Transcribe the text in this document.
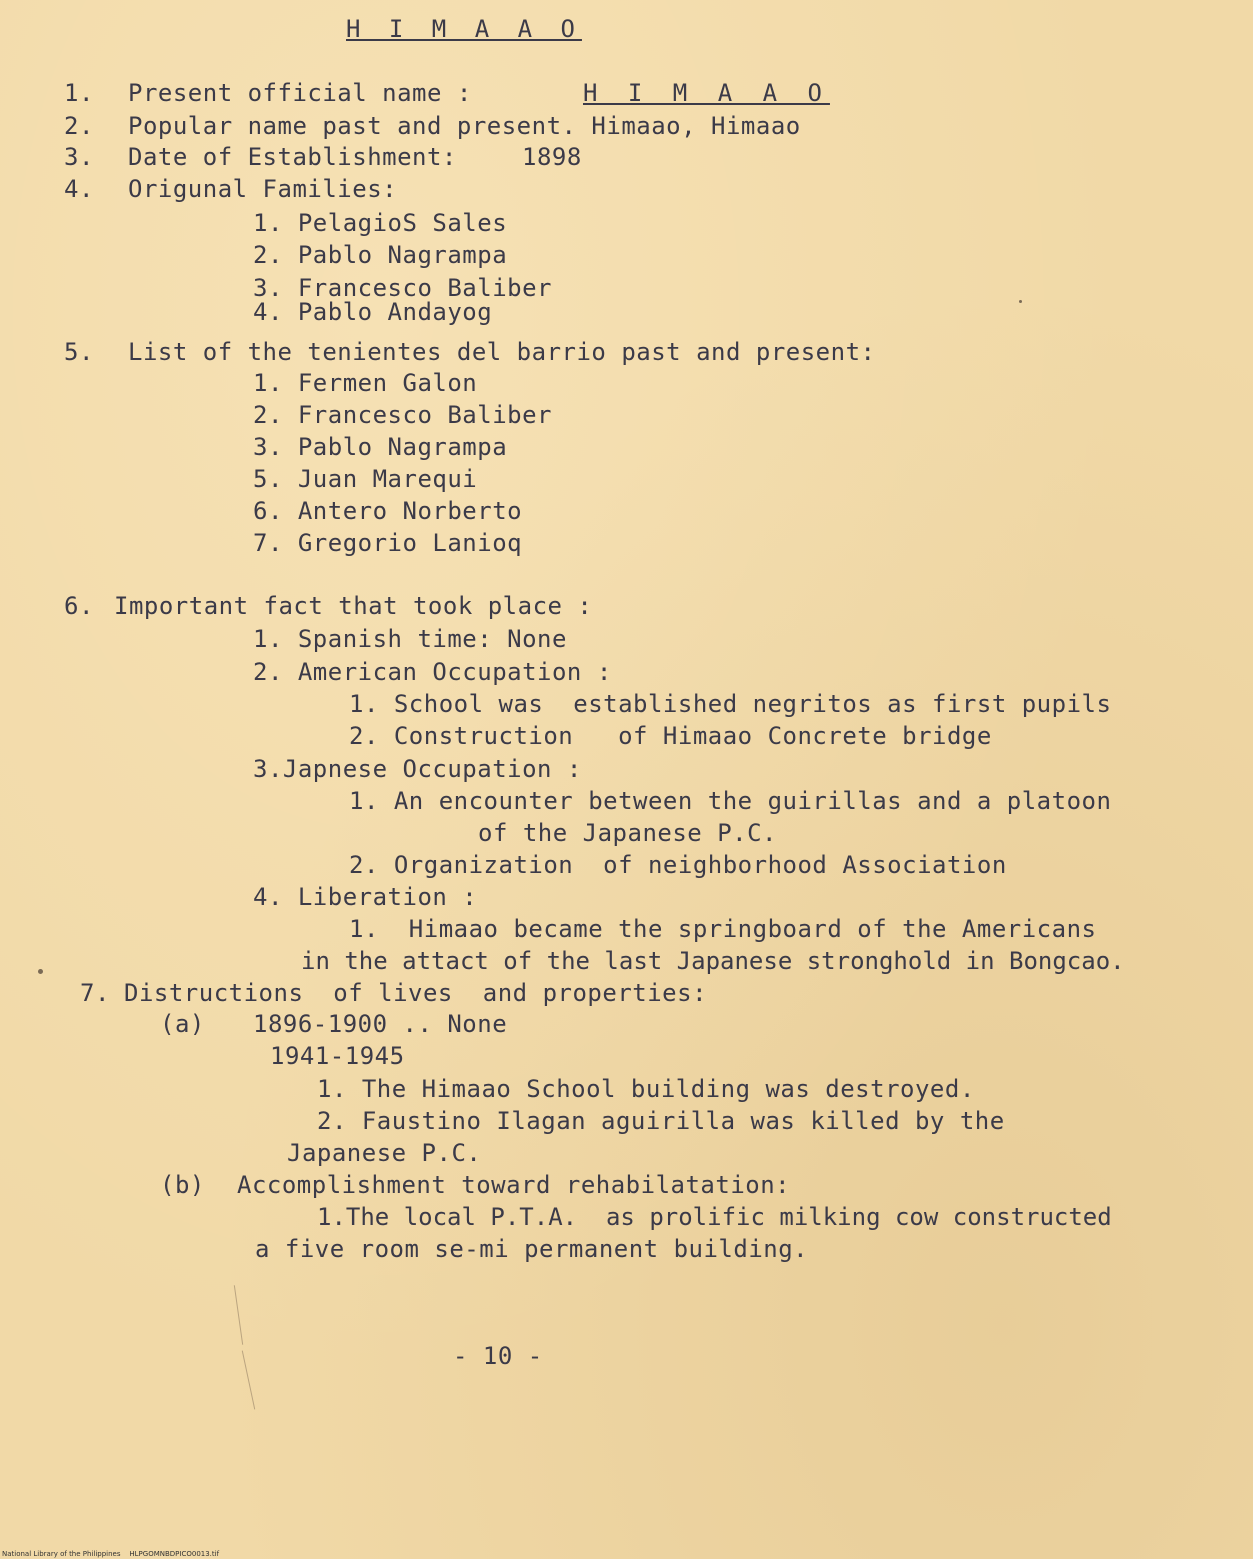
H I M A A O
1. Present official name :	H I M A A O
2. Popular name past and present. Himaao, Himaao
3. Date of Establishment:	1898
4. Origunal Families:
1. PelagioS Sales
2. Pablo Nagrampa
3. Francesco Baliber
4. Pablo Andayog
5. List of the tenientes del barrio past and present:
1. Fermen Galon
2. Francesco Baliber
3. Pablo Nagrampa
5. Juan Marequi
6. Antero Norberto
7. Gregorio Lanioq
6. Important fact that took place :
1. Spanish time: None
2. American Occupation :
1. School was  established negritos as first pupils
2. Construction   of Himaao Concrete bridge
3.Japnese Occupation :
1. An encounter between the guirillas and a platoon
of the Japanese P.C.
2. Organization  of neighborhood Association
4. Liberation :
1.  Himaao became the springboard of the Americans
in the attact of the last Japanese stronghold in Bongcao.
7. Distructions  of lives  and properties:
(a) 1896-1900 .. None
1941-1945
1. The Himaao School building was destroyed.
2. Faustino Ilagan aguirilla was killed by the
Japanese P.C.
(b) Accomplishment toward rehabilatation:
1.The local P.T.A.  as prolific milking cow constructed
a five room se-mi permanent building.
- 10 -
National Library of the Philippines    HLPGOMNBDPICO0013.tif
